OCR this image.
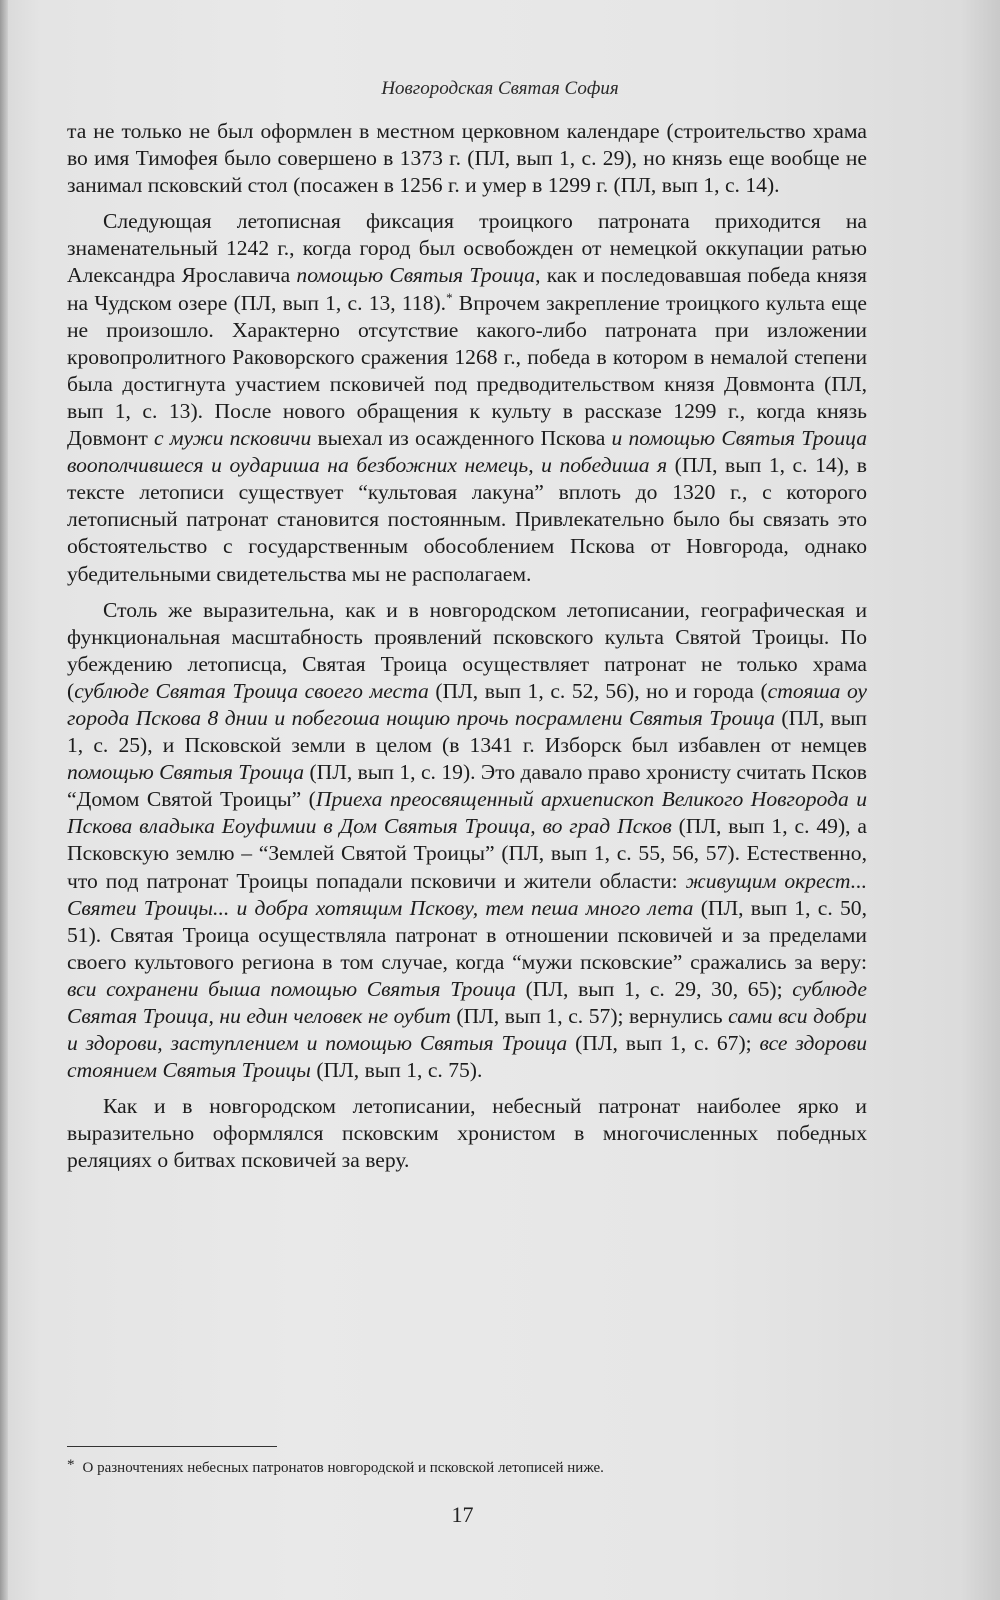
Новгородская Святая София

та не только не был оформлен в местном церковном календаре (строительство храма во имя Тимофея было совершено в 1373 г. (ПЛ, вып 1, с. 29), но князь еще вообще не занимал псковский стол (посажен в 1256 г. и умер в 1299 г. (ПЛ, вып 1, с. 14).

Следующая летописная фиксация троицкого патроната приходится на знаменательный 1242 г., когда город был освобожден от немецкой оккупации ратью Александра Ярославича помощью Святыя Троица, как и последовавшая победа князя на Чудском озере (ПЛ, вып 1, с. 13, 118).* Впрочем закрепление троицкого культа еще не произошло. Характерно отсутствие какого-либо патроната при изложении кровопролитного Раковорского сражения 1268 г., победа в котором в немалой степени была достигнута участием псковичей под предводительством князя Довмонта (ПЛ, вып 1, с. 13). После нового обращения к культу в рассказе 1299 г., когда князь Довмонт с мужи псковичи выехал из осажденного Пскова и помощью Святыя Троица воополчившеся и оудариша на безбожних немець, и победиша я (ПЛ, вып 1, с. 14), в тексте летописи существует “культовая лакуна” вплоть до 1320 г., с которого летописный патронат становится постоянным. Привлекательно было бы связать это обстоятельство с государственным обособлением Пскова от Новгорода, однако убедительными свидетельства мы не располагаем.

Столь же выразительна, как и в новгородском летописании, географическая и функциональная масштабность проявлений псковского культа Святой Троицы. По убеждению летописца, Святая Троица осуществляет патронат не только храма (сублюде Святая Троица своего места (ПЛ, вып 1, с. 52, 56), но и города (стояша оу города Пскова 8 днии и побегоша нощию прочь посрамлени Святыя Троица (ПЛ, вып 1, с. 25), и Псковской земли в целом (в 1341 г. Изборск был избавлен от немцев помощью Святыя Троица (ПЛ, вып 1, с. 19). Это давало право хронисту считать Псков “Домом Святой Троицы” (Приеха преосвященный архиепископ Великого Новгорода и Пскова владыка Еоуфимии в Дом Святыя Троица, во град Псков (ПЛ, вып 1, с. 49), а Псковскую землю – “Землей Святой Троицы” (ПЛ, вып 1, с. 55, 56, 57). Естественно, что под патронат Троицы попадали псковичи и жители области: живущим окрест... Святеи Троицы... и добра хотящим Пскову, тем пеша много лета (ПЛ, вып 1, с. 50, 51). Святая Троица осуществляла патронат в отношении псковичей и за пределами своего культового региона в том случае, когда “мужи псковские” сражались за веру: вси сохранени быша помощью Святыя Троица (ПЛ, вып 1, с. 29, 30, 65); сублюде Святая Троица, ни един человек не оубит (ПЛ, вып 1, с. 57); вернулись сами вси добри и здорови, заступлением и помощью Святыя Троица (ПЛ, вып 1, с. 67); все здорови стоянием Святыя Троицы (ПЛ, вып 1, с. 75).

Как и в новгородском летописании, небесный патронат наиболее ярко и выразительно оформлялся псковским хронистом в многочисленных победных реляциях о битвах псковичей за веру.

* О разночтениях небесных патронатов новгородской и псковской летописей ниже.
17
